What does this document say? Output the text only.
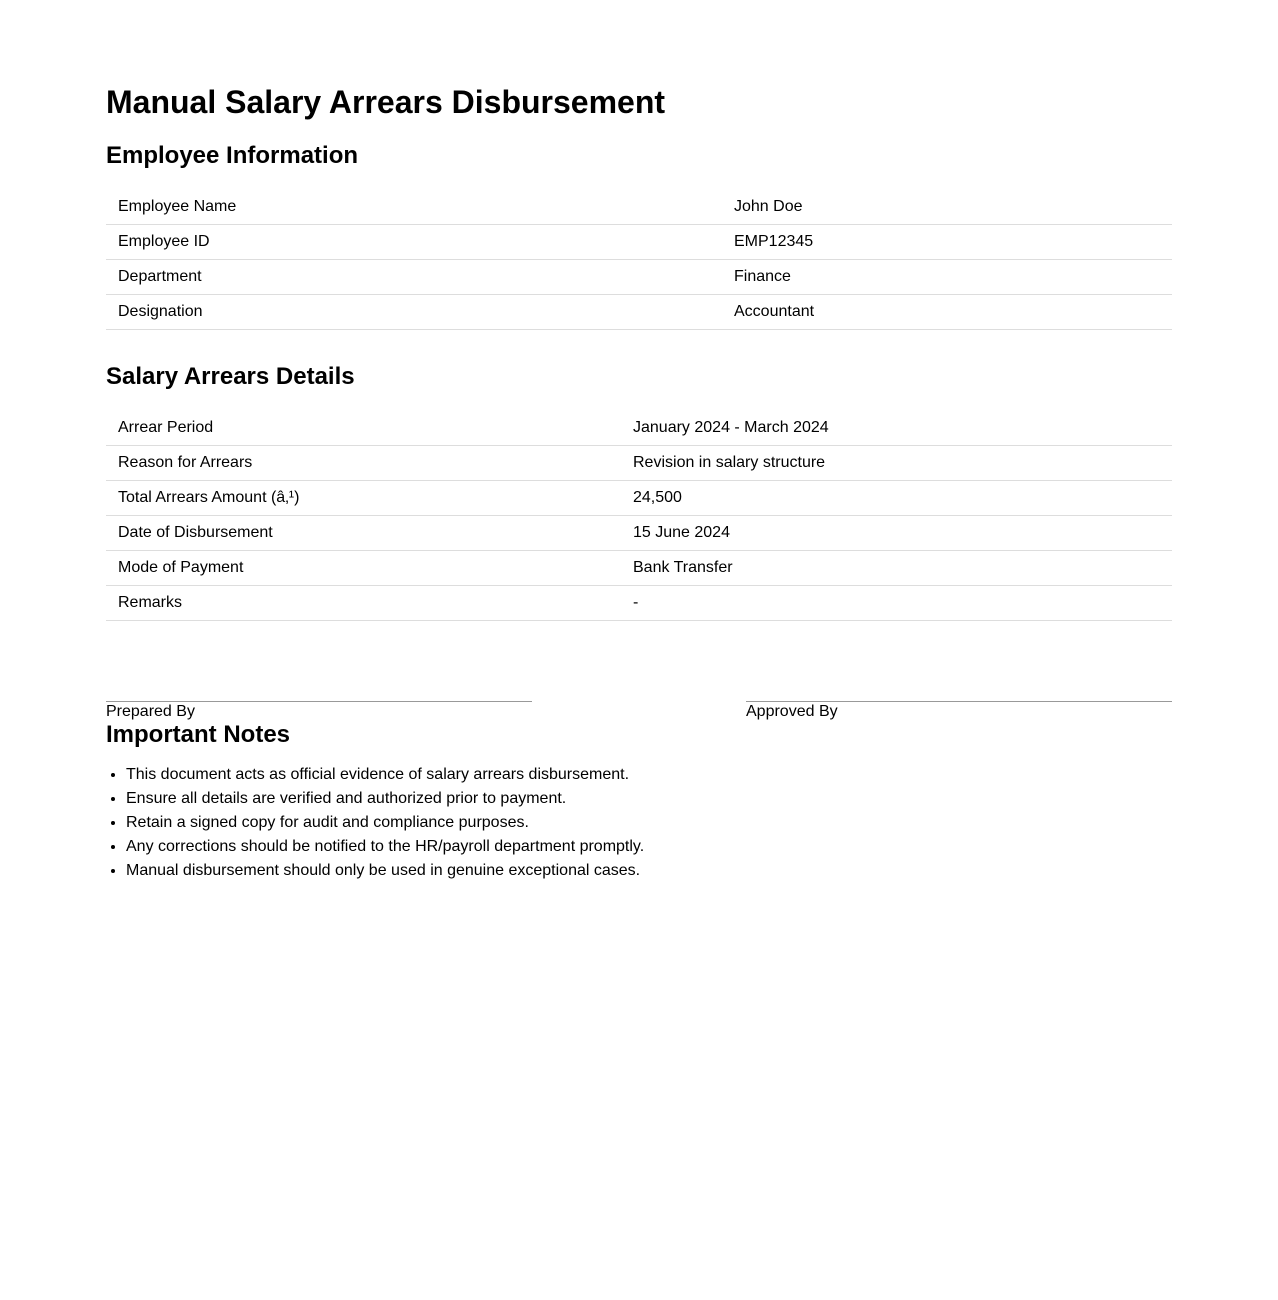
Manual Salary Arrears Disbursement
Employee Information
Employee Name	John Doe
Employee ID	EMP12345
Department	Finance
Designation	Accountant
Salary Arrears Details
Arrear Period	January 2024 - March 2024
Reason for Arrears	Revision in salary structure
Total Arrears Amount (â‚¹)	24,500
Date of Disbursement	15 June 2024
Mode of Payment	Bank Transfer
Remarks	-
Prepared By	Approved By
Important Notes
• This document acts as official evidence of salary arrears disbursement.
• Ensure all details are verified and authorized prior to payment.
• Retain a signed copy for audit and compliance purposes.
• Any corrections should be notified to the HR/payroll department promptly.
• Manual disbursement should only be used in genuine exceptional cases.
